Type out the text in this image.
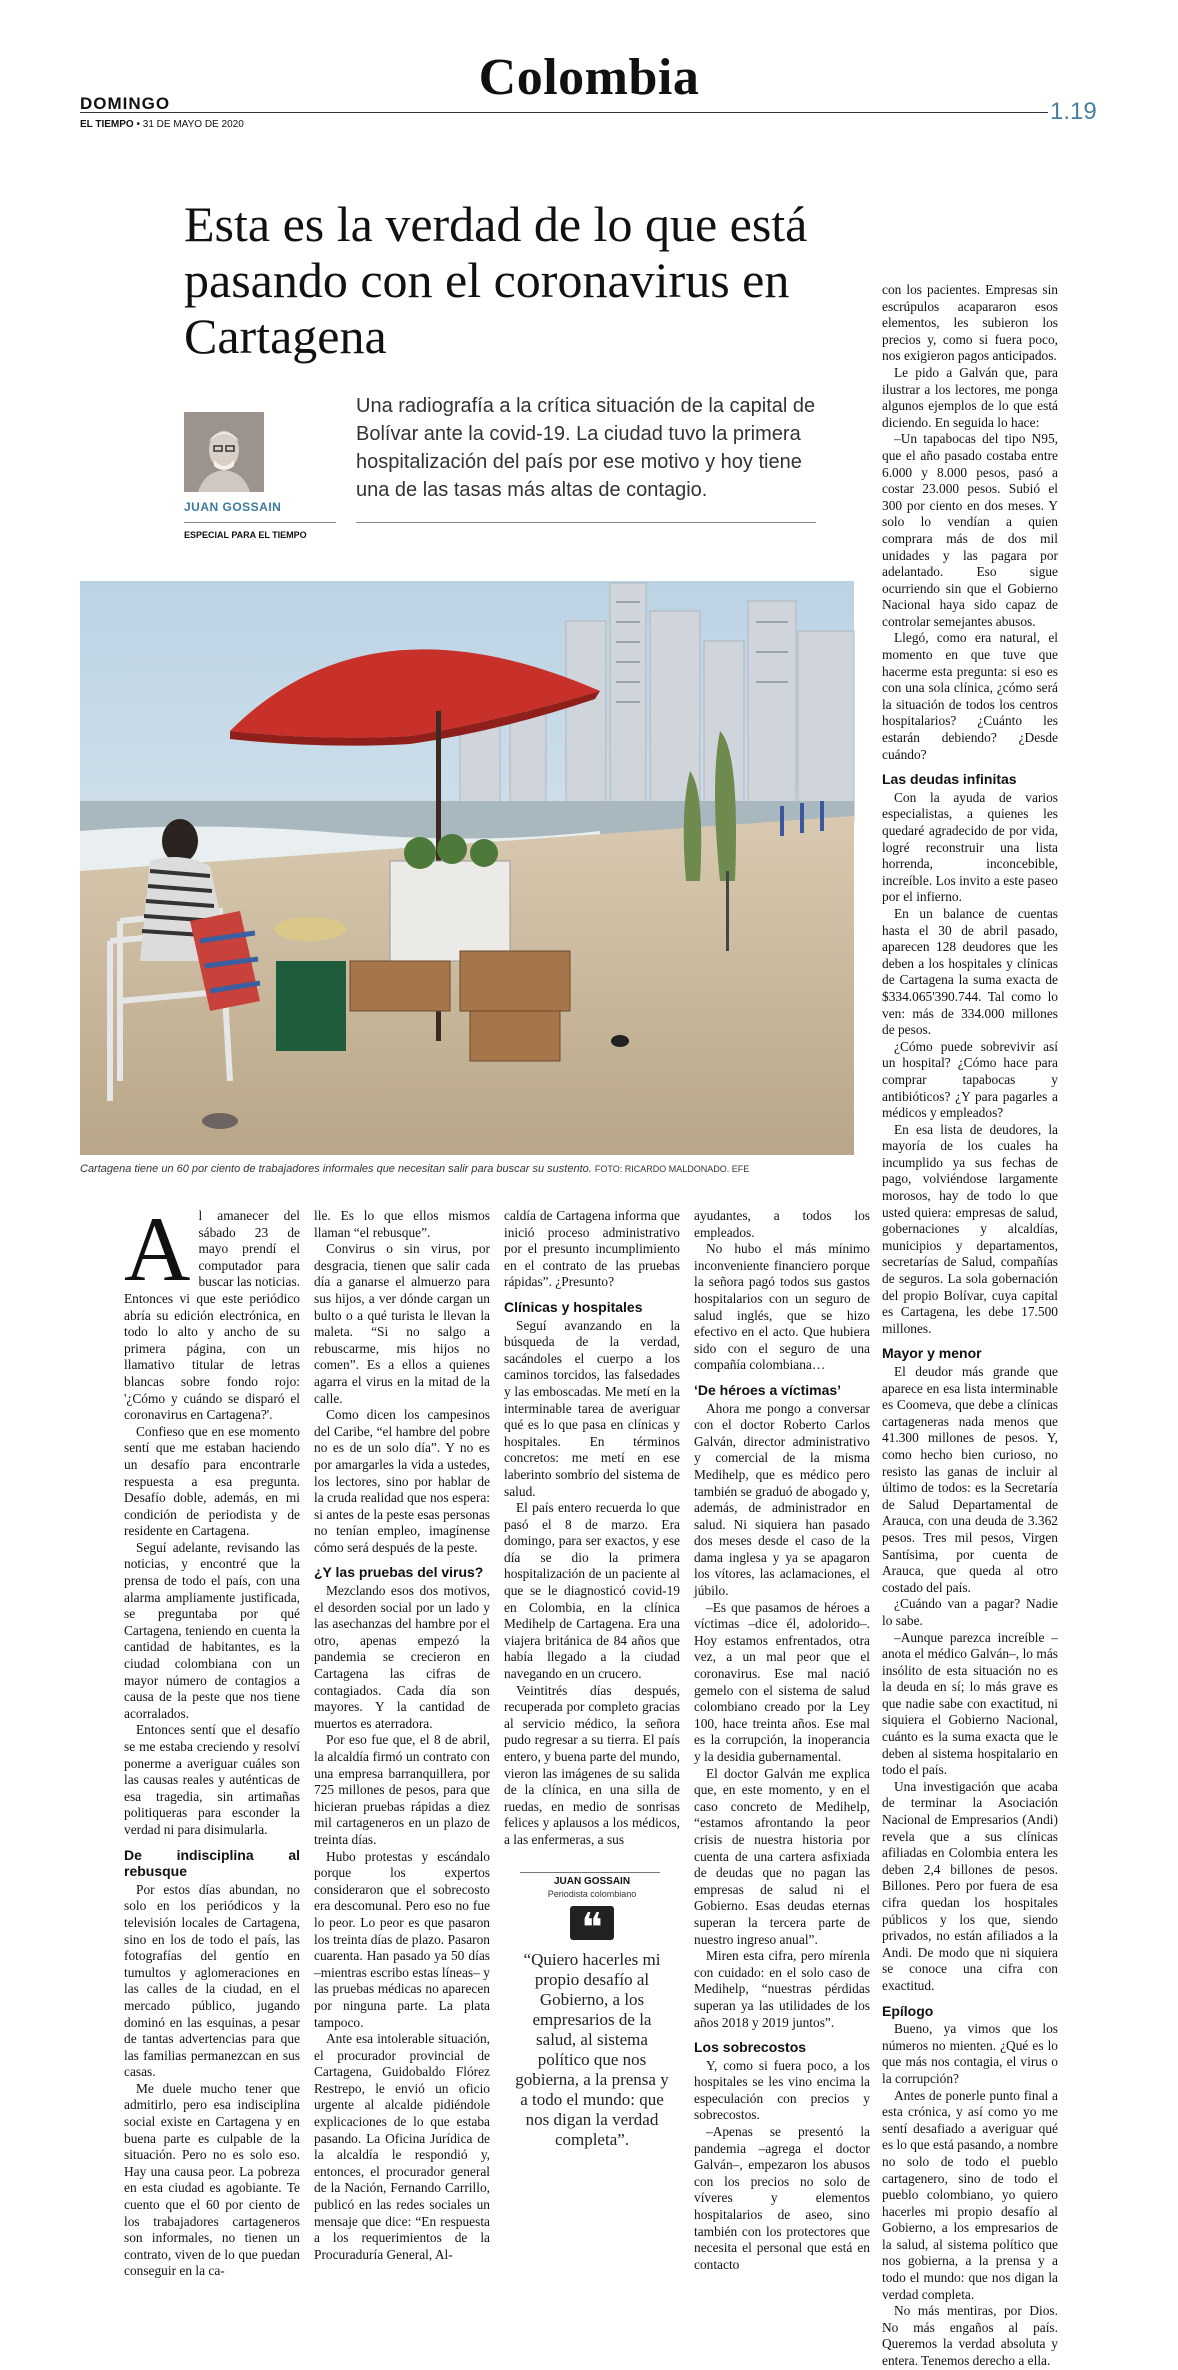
Colombia
DOMINGO
EL TIEMPO • 31 DE MAYO DE 2020	1.19
Esta es la verdad de lo que está pasando con el coronavirus en Cartagena
JUAN GOSSAIN
ESPECIAL PARA EL TIEMPO
Una radiografía a la crítica situación de la capital de Bolívar ante la covid-19. La ciudad tuvo la primera hospitalización del país por ese motivo y hoy tiene una de las tasas más altas de contagio.
Cartagena tiene un 60 por ciento de trabajadores informales que necesitan salir para buscar su sustento. FOTO: RICARDO MALDONADO. EFE
A l amanecer del sábado 23 de mayo prendí el computador para buscar las noticias. Entonces vi que este periódico abría su edición electrónica, en todo lo alto y ancho de su primera página, con un llamativo titular de letras blancas sobre fondo rojo: '¿Cómo y cuándo se disparó el coronavirus en Cartagena?'.

Confieso que en ese momento sentí que me estaban haciendo un desafío para encontrarle respuesta a esa pregunta. Desafío doble, además, en mi condición de periodista y de residente en Cartagena.

Seguí adelante, revisando las noticias, y encontré que la prensa de todo el país, con una alarma ampliamente justificada, se preguntaba por qué Cartagena, teniendo en cuenta la cantidad de habitantes, es la ciudad colombiana con un mayor número de contagios a causa de la peste que nos tiene acorralados.

Entonces sentí que el desafío se me estaba creciendo y resolví ponerme a averiguar cuáles son las causas reales y auténticas de esa tragedia, sin artimañas politiqueras para esconder la verdad ni para disimularla.

De indisciplina al rebusque

Por estos días abundan, no solo en los periódicos y la televisión locales de Cartagena, sino en los de todo el país, las fotografías del gentío en tumultos y aglomeraciones en las calles de la ciudad, en el mercado público, jugando dominó en las esquinas, a pesar de tantas advertencias para que las familias permanezcan en sus casas.

Me duele mucho tener que admitirlo, pero esa indisciplina social existe en Cartagena y en buena parte es culpable de la situación. Pero no es solo eso. Hay una causa peor. La pobreza en esta ciudad es agobiante. Te cuento que el 60 por ciento de los trabajadores cartageneros son informales, no tienen un contrato, viven de lo que puedan conseguir en la ca-

lle. Es lo que ellos mismos llaman “el rebusque”.

Convirus o sin virus, por desgracia, tienen que salir cada día a ganarse el almuerzo para sus hijos, a ver dónde cargan un bulto o a qué turista le llevan la maleta. “Si no salgo a rebuscarme, mis hijos no comen”. Es a ellos a quienes agarra el virus en la mitad de la calle.

Como dicen los campesinos del Caribe, “el hambre del pobre no es de un solo día”. Y no es por amargarles la vida a ustedes, los lectores, sino por hablar de la cruda realidad que nos espera: si antes de la peste esas personas no tenían empleo, imagínense cómo será después de la peste.

¿Y las pruebas del virus?

Mezclando esos dos motivos, el desorden social por un lado y las asechanzas del hambre por el otro, apenas empezó la pandemia se crecieron en Cartagena las cifras de contagiados. Cada día son mayores. Y la cantidad de muertos es aterradora.

Por eso fue que, el 8 de abril, la alcaldía firmó un contrato con una empresa barranquillera, por 725 millones de pesos, para que hicieran pruebas rápidas a diez mil cartageneros en un plazo de treinta días.

Hubo protestas y escándalo porque los expertos consideraron que el sobrecosto era descomunal. Pero eso no fue lo peor. Lo peor es que pasaron los treinta días de plazo. Pasaron cuarenta. Han pasado ya 50 días –mientras escribo estas líneas– y las pruebas médicas no aparecen por ninguna parte. La plata tampoco.

Ante esa intolerable situación, el procurador provincial de Cartagena, Guidobaldo Flórez Restrepo, le envió un oficio urgente al alcalde pidiéndole explicaciones de lo que estaba pasando. La Oficina Jurídica de la alcaldía le respondió y, entonces, el procurador general de la Nación, Fernando Carrillo, publicó en las redes sociales un mensaje que dice: “En respuesta a los requerimientos de la Procuraduría General, Al-

caldía de Cartagena informa que inició proceso administrativo por el presunto incumplimiento en el contrato de las pruebas rápidas”. ¿Presunto?

Clínicas y hospitales

Seguí avanzando en la búsqueda de la verdad, sacándoles el cuerpo a los caminos torcidos, las falsedades y las emboscadas. Me metí en la interminable tarea de averiguar qué es lo que pasa en clínicas y hospitales. En términos concretos: me metí en ese laberinto sombrío del sistema de salud.

El país entero recuerda lo que pasó el 8 de marzo. Era domingo, para ser exactos, y ese día se dio la primera hospitalización de un paciente al que se le diagnosticó covid-19 en Colombia, en la clínica Medihelp de Cartagena. Era una viajera británica de 84 años que había llegado a la ciudad navegando en un crucero.

Veintitrés días después, recuperada por completo gracias al servicio médico, la señora pudo regresar a su tierra. El país entero, y buena parte del mundo, vieron las imágenes de su salida de la clínica, en una silla de ruedas, en medio de sonrisas felices y aplausos a los médicos, a las enfermeras, a sus

JUAN GOSSAIN
Periodista colombiano
❝
“Quiero hacerles mi propio desafío al Gobierno, a los empresarios de la salud, al sistema político que nos gobierna, a la prensa y a todo el mundo: que nos digan la verdad completa”.

ayudantes, a todos los empleados.

No hubo el más mínimo inconveniente financiero porque la señora pagó todos sus gastos hospitalarios con un seguro de salud inglés, que se hizo efectivo en el acto. Que hubiera sido con el seguro de una compañía colombiana…

‘De héroes a víctimas’

Ahora me pongo a conversar con el doctor Roberto Carlos Galván, director administrativo y comercial de la misma Medihelp, que es médico pero también se graduó de abogado y, además, de administrador en salud. Ni siquiera han pasado dos meses desde el caso de la dama inglesa y ya se apagaron los vítores, las aclamaciones, el júbilo.

–Es que pasamos de héroes a víctimas –dice él, adolorido–. Hoy estamos enfrentados, otra vez, a un mal peor que el coronavirus. Ese mal nació gemelo con el sistema de salud colombiano creado por la Ley 100, hace treinta años. Ese mal es la corrupción, la inoperancia y la desidia gubernamental.

El doctor Galván me explica que, en este momento, y en el caso concreto de Medihelp, “estamos afrontando la peor crisis de nuestra historia por cuenta de una cartera asfixiada de deudas que no pagan las empresas de salud ni el Gobierno. Esas deudas eternas superan la tercera parte de nuestro ingreso anual”.

Miren esta cifra, pero mírenla con cuidado: en el solo caso de Medihelp, “nuestras pérdidas superan ya las utilidades de los años 2018 y 2019 juntos”.

Los sobrecostos

Y, como si fuera poco, a los hospitales se les vino encima la especulación con precios y sobrecostos.

–Apenas se presentó la pandemia –agrega el doctor Galván–, empezaron los abusos con los precios no solo de víveres y elementos hospitalarios de aseo, sino también con los protectores que necesita el personal que está en contacto

con los pacientes. Empresas sin escrúpulos acapararon esos elementos, les subieron los precios y, como si fuera poco, nos exigieron pagos anticipados.

Le pido a Galván que, para ilustrar a los lectores, me ponga algunos ejemplos de lo que está diciendo. En seguida lo hace:

–Un tapabocas del tipo N95, que el año pasado costaba entre 6.000 y 8.000 pesos, pasó a costar 23.000 pesos. Subió el 300 por ciento en dos meses. Y solo lo vendían a quien comprara más de dos mil unidades y las pagara por adelantado. Eso sigue ocurriendo sin que el Gobierno Nacional haya sido capaz de controlar semejantes abusos.

Llegó, como era natural, el momento en que tuve que hacerme esta pregunta: si eso es con una sola clínica, ¿cómo será la situación de todos los centros hospitalarios? ¿Cuánto les estarán debiendo? ¿Desde cuándo?

Las deudas infinitas

Con la ayuda de varios especialistas, a quienes les quedaré agradecido de por vida, logré reconstruir una lista horrenda, inconcebible, increíble. Los invito a este paseo por el infierno.

En un balance de cuentas hasta el 30 de abril pasado, aparecen 128 deudores que les deben a los hospitales y clínicas de Cartagena la suma exacta de $334.065'390.744. Tal como lo ven: más de 334.000 millones de pesos.

¿Cómo puede sobrevivir así un hospital? ¿Cómo hace para comprar tapabocas y antibióticos? ¿Y para pagarles a médicos y empleados?

En esa lista de deudores, la mayoría de los cuales ha incumplido ya sus fechas de pago, volviéndose largamente morosos, hay de todo lo que usted quiera: empresas de salud, gobernaciones y alcaldías, municipios y departamentos, secretarías de Salud, compañías de seguros. La sola gobernación del propio Bolívar, cuya capital es Cartagena, les debe 17.500 millones.

Mayor y menor

El deudor más grande que aparece en esa lista interminable es Coomeva, que debe a clínicas cartageneras nada menos que 41.300 millones de pesos. Y, como hecho bien curioso, no resisto las ganas de incluir al último de todos: es la Secretaría de Salud Departamental de Arauca, con una deuda de 3.362 pesos. Tres mil pesos, Virgen Santísima, por cuenta de Arauca, que queda al otro costado del país.

¿Cuándo van a pagar? Nadie lo sabe.

–Aunque parezca increíble –anota el médico Galván–, lo más insólito de esta situación no es la deuda en sí; lo más grave es que nadie sabe con exactitud, ni siquiera el Gobierno Nacional, cuánto es la suma exacta que le deben al sistema hospitalario en todo el país.

Una investigación que acaba de terminar la Asociación Nacional de Empresarios (Andi) revela que a sus clínicas afiliadas en Colombia entera les deben 2,4 billones de pesos. Billones. Pero por fuera de esa cifra quedan los hospitales públicos y los que, siendo privados, no están afiliados a la Andi. De modo que ni siquiera se conoce una cifra con exactitud.

Epílogo

Bueno, ya vimos que los números no mienten. ¿Qué es lo que más nos contagia, el virus o la corrupción?

Antes de ponerle punto final a esta crónica, y así como yo me sentí desafiado a averiguar qué es lo que está pasando, a nombre no solo de todo el pueblo cartagenero, sino de todo el pueblo colombiano, yo quiero hacerles mi propio desafío al Gobierno, a los empresarios de la salud, al sistema político que nos gobierna, a la prensa y a todo el mundo: que nos digan la verdad completa.

No más mentiras, por Dios. No más engaños al país. Queremos la verdad absoluta y entera. Tenemos derecho a ella.
